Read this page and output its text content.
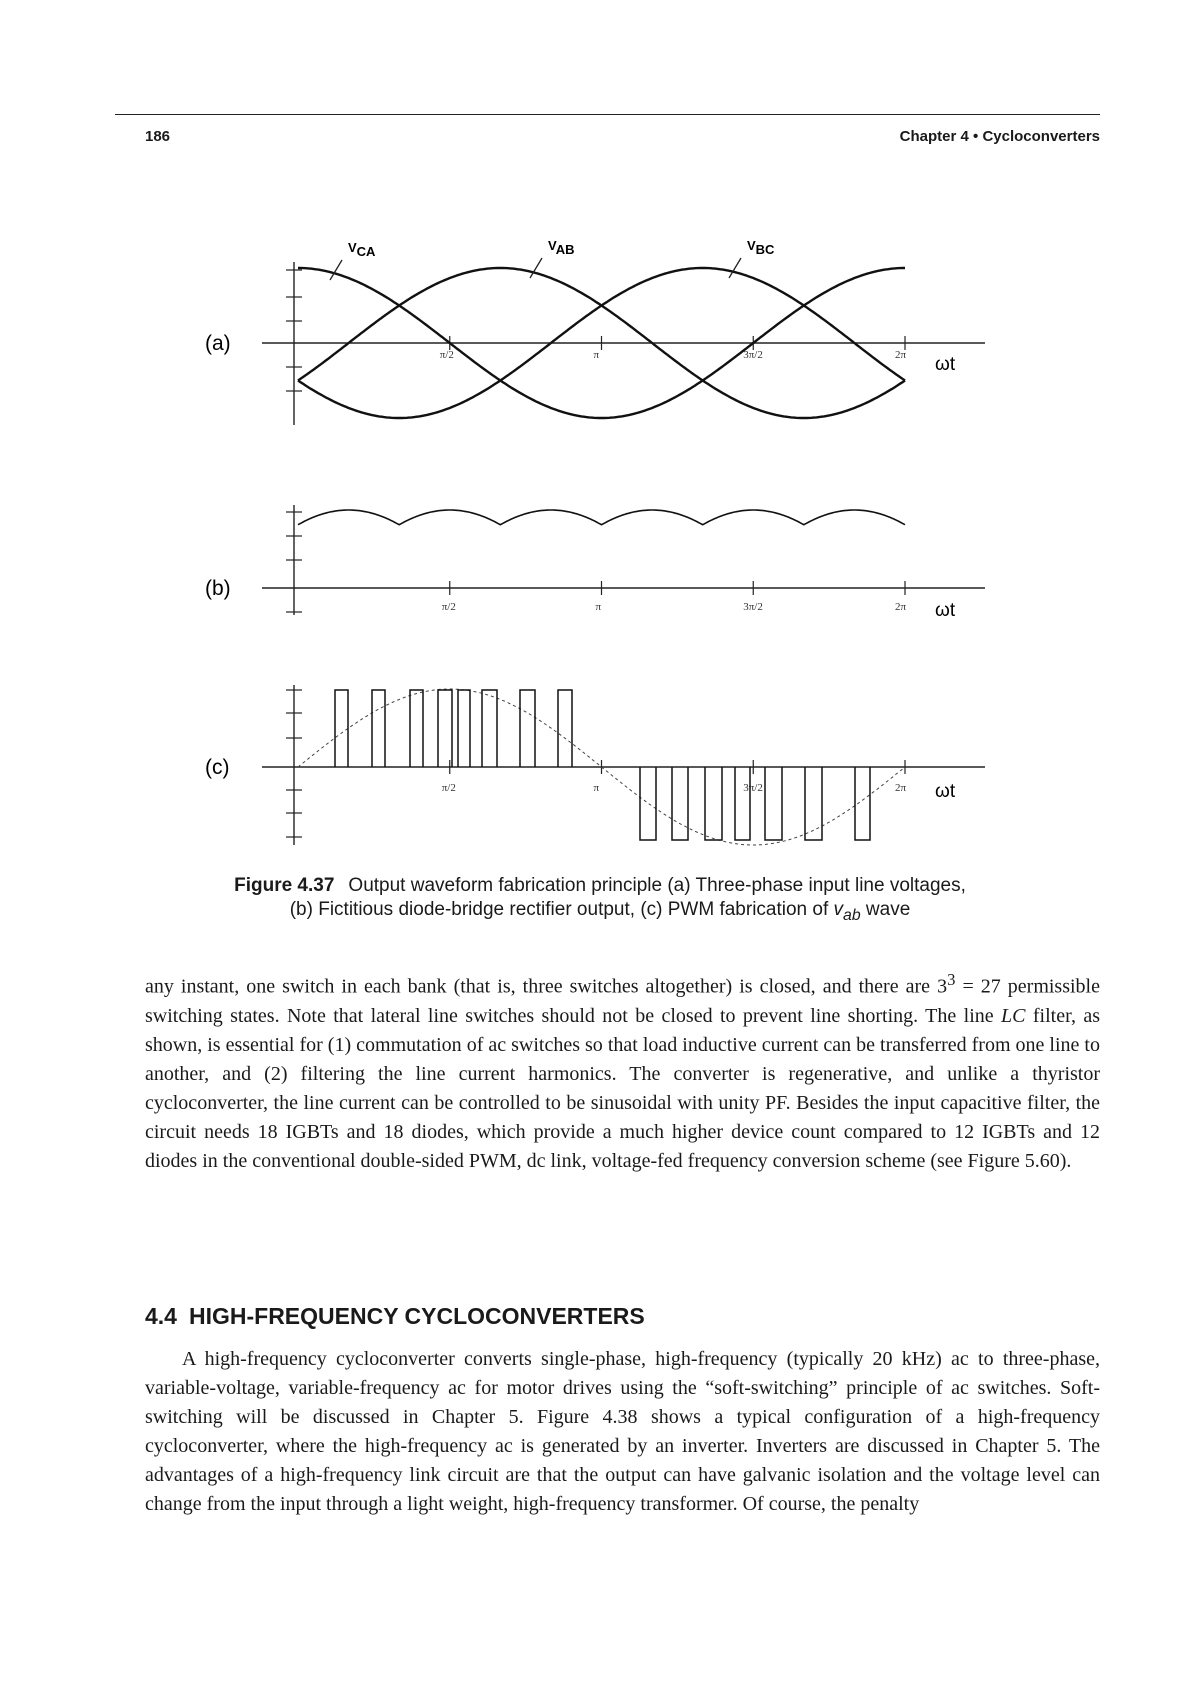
186	Chapter 4 • Cycloconverters
π/2	π	3π/2	2π
(a)
ωt
VCA	VAB	VBC
π/2	π	3π/2	2π
(b)
ωt
π/2	π	3π/2	2π
(c)
ωt
Figure 4.37 Output waveform fabrication principle (a) Three-phase input line voltages,
(b) Fictitious diode-bridge rectifier output, (c) PWM fabrication of $v_{ab}$ wave

any instant, one switch in each bank (that is, three switches altogether) is closed, and there are $3^3 = 27$ permissible switching states. Note that lateral line switches should not be closed to prevent line shorting. The line LC filter, as shown, is essential for (1) commutation of ac switches so that load inductive current can be transferred from one line to another, and (2) filtering the line current harmonics. The converter is regenerative, and unlike a thyristor cycloconverter, the line current can be controlled to be sinusoidal with unity PF. Besides the input capacitive filter, the circuit needs 18 IGBTs and 18 diodes, which provide a much higher device count compared to 12 IGBTs and 12 diodes in the conventional double-sided PWM, dc link, voltage-fed frequency conversion scheme (see Figure 5.60).

4.4 HIGH-FREQUENCY CYCLOCONVERTERS

A high-frequency cycloconverter converts single-phase, high-frequency (typically 20 kHz) ac to three-phase, variable-voltage, variable-frequency ac for motor drives using the “soft-switching” principle of ac switches. Soft-switching will be discussed in Chapter 5. Figure 4.38 shows a typical configuration of a high-frequency cycloconverter, where the high-frequency ac is generated by an inverter. Inverters are discussed in Chapter 5. The advantages of a high-frequency link circuit are that the output can have galvanic isolation and the voltage level can change from the input through a light weight, high-frequency transformer. Of course, the penalty
